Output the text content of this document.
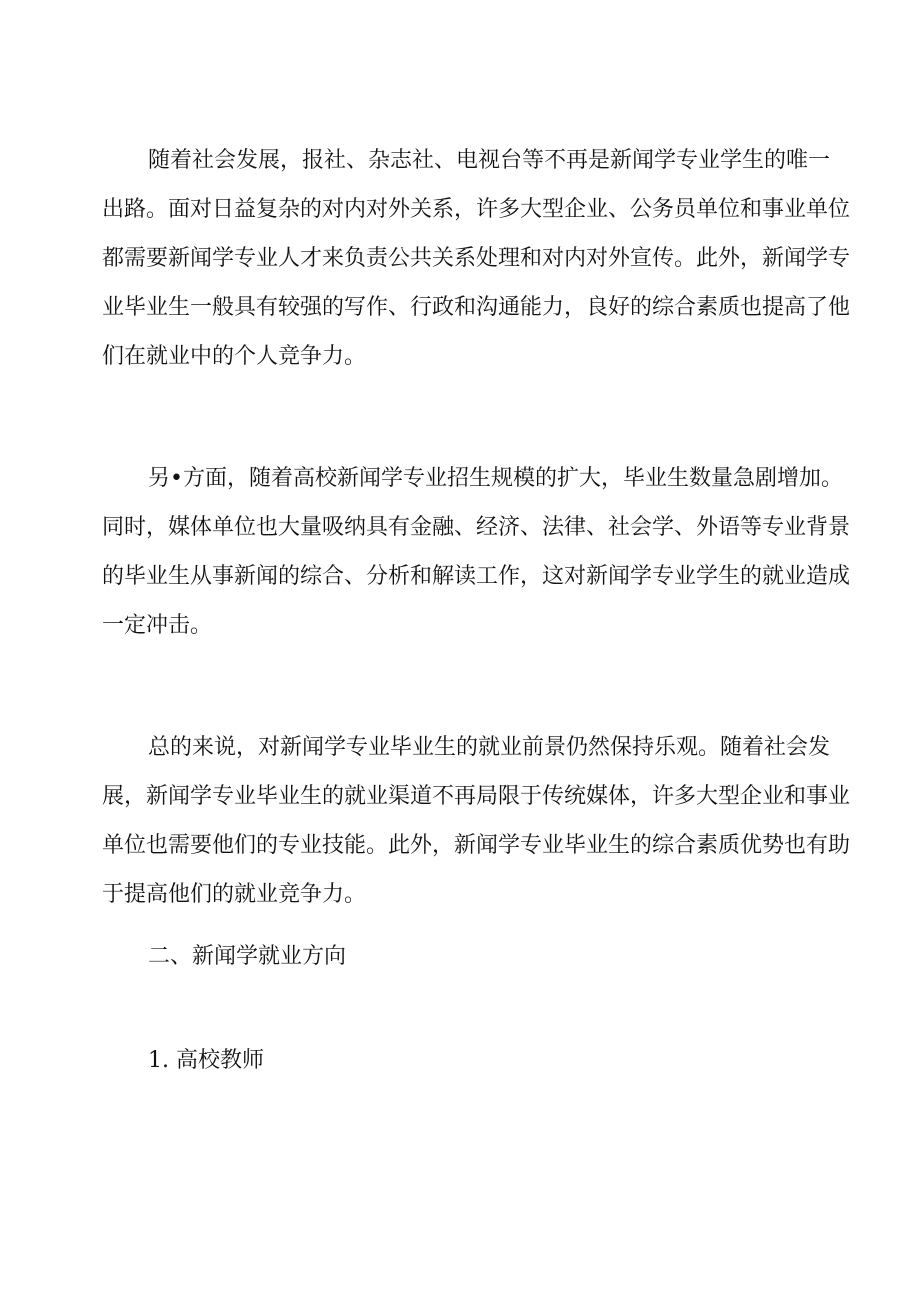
随着社会发展，报社、杂志社、电视台等不再是新闻学专业学生的唯一
出路。面对日益复杂的对内对外关系，许多大型企业、公务员单位和事业单位
都需要新闻学专业人才来负责公共关系处理和对内对外宣传。此外，新闻学专
业毕业生一般具有较强的写作、行政和沟通能力，良好的综合素质也提高了他
们在就业中的个人竞争力。
另•方面，随着高校新闻学专业招生规模的扩大，毕业生数量急剧增加。
同时，媒体单位也大量吸纳具有金融、经济、法律、社会学、外语等专业背景
的毕业生从事新闻的综合、分析和解读工作，这对新闻学专业学生的就业造成
一定冲击。
总的来说，对新闻学专业毕业生的就业前景仍然保持乐观。随着社会发
展，新闻学专业毕业生的就业渠道不再局限于传统媒体，许多大型企业和事业
单位也需要他们的专业技能。此外，新闻学专业毕业生的综合素质优势也有助
于提高他们的就业竞争力。
二、新闻学就业方向
1. 高校教师
